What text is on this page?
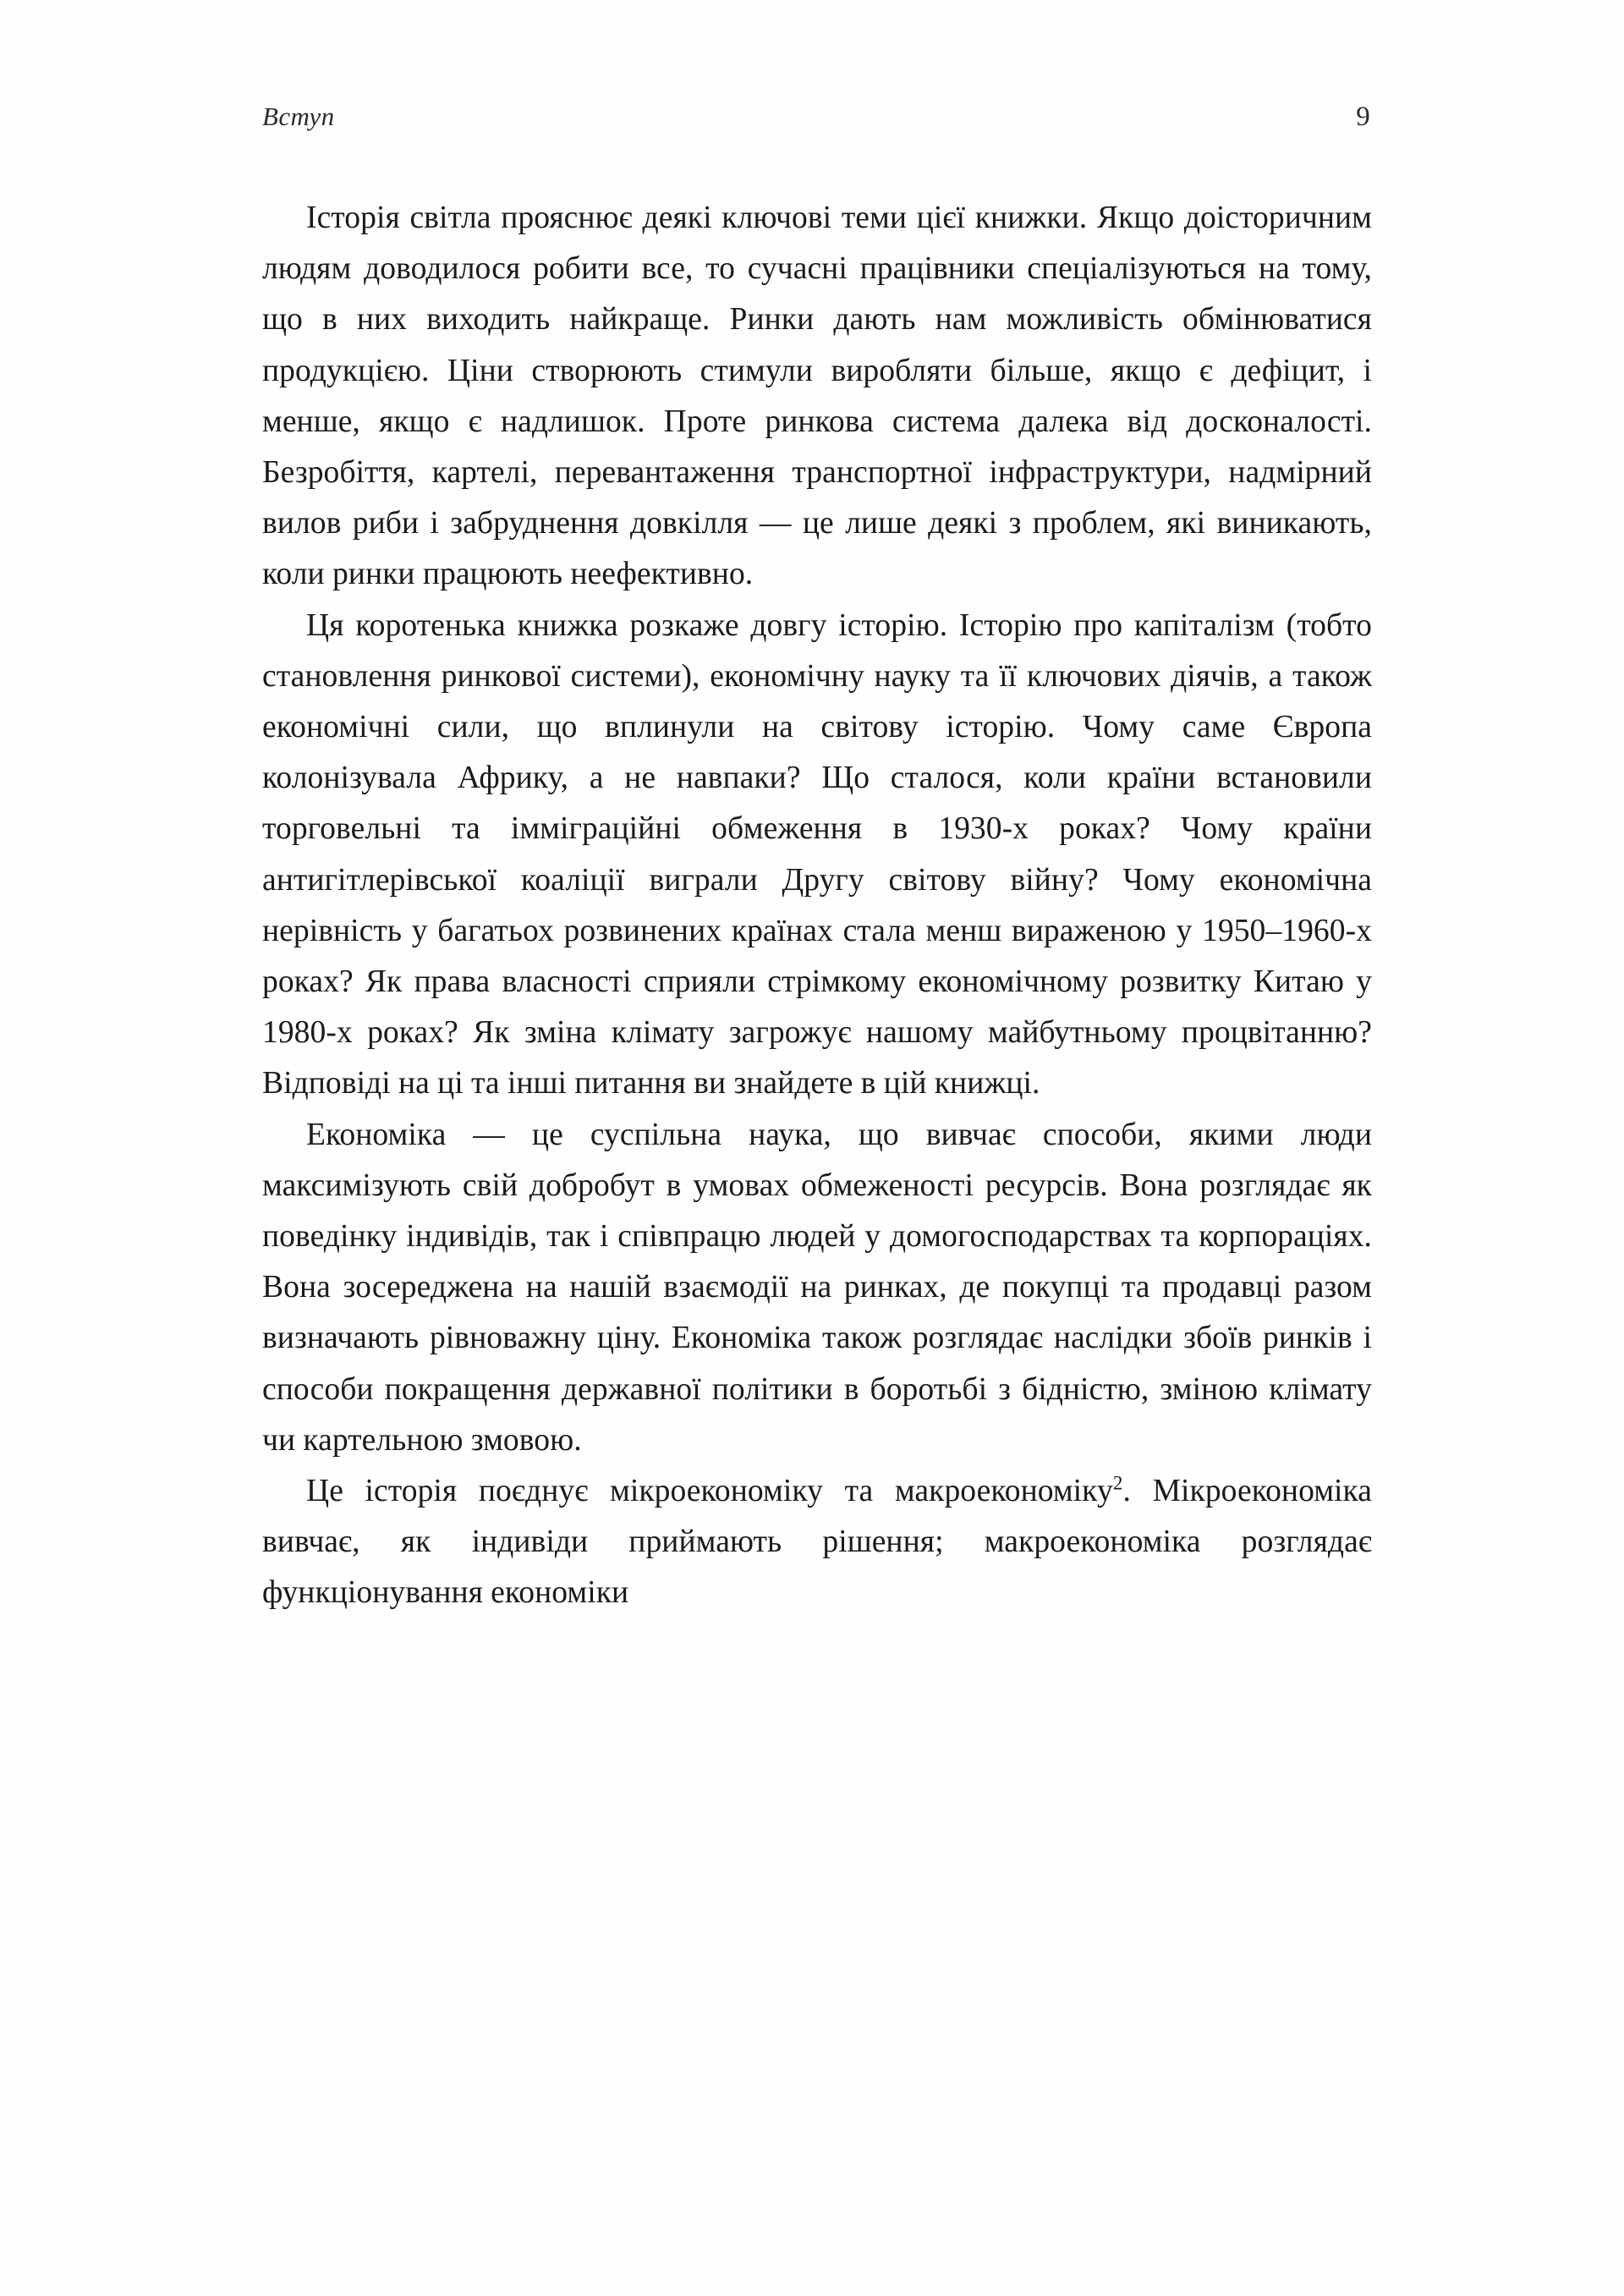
Вступ	9

Історія світла прояснює деякі ключові теми цієї книжки. Якщо доісторичним людям доводилося робити все, то сучасні працівники спеціалізуються на тому, що в них виходить найкраще. Ринки дають нам можливість обмінюватися продукцією. Ціни створюють стимули виробляти більше, якщо є дефіцит, і менше, якщо є надлишок. Проте ринкова система далека від досконалості. Безробіття, картелі, перевантаження транспортної інфраструктури, надмірний вилов риби і забруднення довкілля — це лише деякі з проблем, які виникають, коли ринки працюють неефективно.

Ця коротенька книжка розкаже довгу історію. Історію про капіталізм (тобто становлення ринкової системи), економічну науку та її ключових діячів, а також економічні сили, що вплинули на світову історію. Чому саме Європа колонізувала Африку, а не навпаки? Що сталося, коли країни встановили торговельні та імміграційні обмеження в 1930-х роках? Чому країни антигітлерівської коаліції виграли Другу світову війну? Чому економічна нерівність у багатьох розвинених країнах стала менш вираженою у 1950–1960-х роках? Як права власності сприяли стрімкому економічному розвитку Китаю у 1980-х роках? Як зміна клімату загрожує нашому майбутньому процвітанню? Відповіді на ці та інші питання ви знайдете в цій книжці.

Економіка — це суспільна наука, що вивчає способи, якими люди максимізують свій добробут в умовах обмеженості ресурсів. Вона розглядає як поведінку індивідів, так і співпрацю людей у домогосподарствах та корпораціях. Вона зосереджена на нашій взаємодії на ринках, де покупці та продавці разом визначають рівноважну ціну. Економіка також розглядає наслідки збоїв ринків і способи покращення державної політики в боротьбі з бідністю, зміною клімату чи картельною змовою.

Це історія поєднує мікроекономіку та макроекономіку$^2$. Мікроекономіка вивчає, як індивіди приймають рішення; макроекономіка розглядає функціонування економіки
